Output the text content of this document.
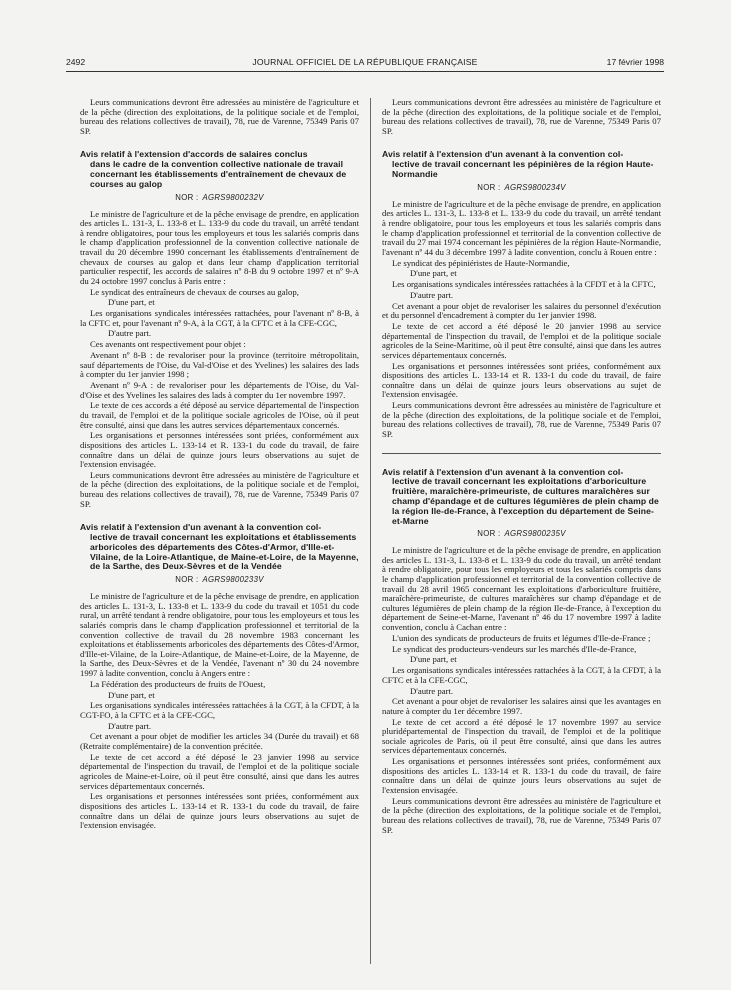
2492	JOURNAL OFFICIEL DE LA RÉPUBLIQUE FRANÇAISE	17 février 1998

Leurs communications devront être adressées au ministère de l'agriculture et de la pêche (direction des exploitations, de la politique sociale et de l'emploi, bureau des relations collectives de travail), 78, rue de Varenne, 75349 Paris 07 SP.

Avis relatif à l'extension d'accords de salaires conclus
dans le cadre de la convention collective nationale de travail concernant les établissements d'entraînement de chevaux de courses au galop
NOR : AGRS9800232V

Le ministre de l'agriculture et de la pêche envisage de prendre, en application des articles L. 131-3, L. 133-8 et L. 133-9 du code du travail, un arrêté tendant à rendre obligatoires, pour tous les employeurs et tous les salariés compris dans le champ d'application professionnel de la convention collective nationale de travail du 20 décembre 1990 concernant les établissements d'entraînement de chevaux de courses au galop et dans leur champ d'application territorial particulier respectif, les accords de salaires nº 8-B du 9 octobre 1997 et nº 9-A du 24 octobre 1997 conclus à Paris entre :

Le syndicat des entraîneurs de chevaux de courses au galop,

D'une part, et

Les organisations syndicales intéressées rattachées, pour l'avenant nº 8-B, à la CFTC et, pour l'avenant nº 9-A, à la CGT, à la CFTC et à la CFE-CGC,

D'autre part.

Ces avenants ont respectivement pour objet :

Avenant nº 8-B : de revaloriser pour la province (territoire métropolitain, sauf départements de l'Oise, du Val-d'Oise et des Yvelines) les salaires des lads à compter du 1er janvier 1998 ;

Avenant nº 9-A : de revaloriser pour les départements de l'Oise, du Val-d'Oise et des Yvelines les salaires des lads à compter du 1er novembre 1997.

Le texte de ces accords a été déposé au service départemental de l'inspection du travail, de l'emploi et de la politique sociale agricoles de l'Oise, où il peut être consulté, ainsi que dans les autres services départementaux concernés.

Les organisations et personnes intéressées sont priées, conformément aux dispositions des articles L. 133-14 et R. 133-1 du code du travail, de faire connaître dans un délai de quinze jours leurs observations au sujet de l'extension envisagée.

Leurs communications devront être adressées au ministère de l'agriculture et de la pêche (direction des exploitations, de la politique sociale et de l'emploi, bureau des relations collectives de travail), 78, rue de Varenne, 75349 Paris 07 SP.

Avis relatif à l'extension d'un avenant à la convention col-
lective de travail concernant les exploitations et établissements arboricoles des départements des Côtes-d'Armor, d'Ille-et-Vilaine, de la Loire-Atlantique, de Maine-et-Loire, de la Mayenne, de la Sarthe, des Deux-Sèvres et de la Vendée
NOR : AGRS9800233V

Le ministre de l'agriculture et de la pêche envisage de prendre, en application des articles L. 131-3, L. 133-8 et L. 133-9 du code du travail et 1051 du code rural, un arrêté tendant à rendre obligatoire, pour tous les employeurs et tous les salariés compris dans le champ d'application professionnel et territorial de la convention collective de travail du 28 novembre 1983 concernant les exploitations et établissements arboricoles des départements des Côtes-d'Armor, d'Ille-et-Vilaine, de la Loire-Atlantique, de Maine-et-Loire, de la Mayenne, de la Sarthe, des Deux-Sèvres et de la Vendée, l'avenant nº 30 du 24 novembre 1997 à ladite convention, conclu à Angers entre :

La Fédération des producteurs de fruits de l'Ouest,

D'une part, et

Les organisations syndicales intéressées rattachées à la CGT, à la CFDT, à la CGT-FO, à la CFTC et à la CFE-CGC,

D'autre part.

Cet avenant a pour objet de modifier les articles 34 (Durée du travail) et 68 (Retraite complémentaire) de la convention précitée.

Le texte de cet accord a été déposé le 23 janvier 1998 au service départemental de l'inspection du travail, de l'emploi et de la politique sociale agricoles de Maine-et-Loire, où il peut être consulté, ainsi que dans les autres services départementaux concernés.

Les organisations et personnes intéressées sont priées, conformément aux dispositions des articles L. 133-14 et R. 133-1 du code du travail, de faire connaître dans un délai de quinze jours leurs observations au sujet de l'extension envisagée.

Leurs communications devront être adressées au ministère de l'agriculture et de la pêche (direction des exploitations, de la politique sociale et de l'emploi, bureau des relations collectives de travail), 78, rue de Varenne, 75349 Paris 07 SP.

Avis relatif à l'extension d'un avenant à la convention col-
lective de travail concernant les pépinières de la région Haute-Normandie
NOR : AGRS9800234V

Le ministre de l'agriculture et de la pêche envisage de prendre, en application des articles L. 131-3, L. 133-8 et L. 133-9 du code du travail, un arrêté tendant à rendre obligatoire, pour tous les employeurs et tous les salariés compris dans le champ d'application professionnel et territorial de la convention collective de travail du 27 mai 1974 concernant les pépinières de la région Haute-Normandie, l'avenant nº 44 du 3 décembre 1997 à ladite convention, conclu à Rouen entre :

Le syndicat des pépiniéristes de Haute-Normandie,

D'une part, et

Les organisations syndicales intéressées rattachées à la CFDT et à la CFTC,

D'autre part.

Cet avenant a pour objet de revaloriser les salaires du personnel d'exécution et du personnel d'encadrement à compter du 1er janvier 1998.

Le texte de cet accord a été déposé le 20 janvier 1998 au service départemental de l'inspection du travail, de l'emploi et de la politique sociale agricoles de la Seine-Maritime, où il peut être consulté, ainsi que dans les autres services départementaux concernés.

Les organisations et personnes intéressées sont priées, conformément aux dispositions des articles L. 133-14 et R. 133-1 du code du travail, de faire connaître dans un délai de quinze jours leurs observations au sujet de l'extension envisagée.

Leurs communications devront être adressées au ministère de l'agriculture et de la pêche (direction des exploitations, de la politique sociale et de l'emploi, bureau des relations collectives de travail), 78, rue de Varenne, 75349 Paris 07 SP.

Avis relatif à l'extension d'un avenant à la convention col-
lective de travail concernant les exploitations d'arboriculture fruitière, maraîchère-primeuriste, de cultures maraîchères sur champ d'épandage et de cultures légumières de plein champ de la région Ile-de-France, à l'exception du département de Seine-et-Marne
NOR : AGRS9800235V

Le ministre de l'agriculture et de la pêche envisage de prendre, en application des articles L. 131-3, L. 133-8 et L. 133-9 du code du travail, un arrêté tendant à rendre obligatoire, pour tous les employeurs et tous les salariés compris dans le champ d'application professionnel et territorial de la convention collective de travail du 28 avril 1965 concernant les exploitations d'arboriculture fruitière, maraîchère-primeuriste, de cultures maraîchères sur champ d'épandage et de cultures légumières de plein champ de la région Ile-de-France, à l'exception du département de Seine-et-Marne, l'avenant nº 46 du 17 novembre 1997 à ladite convention, conclu à Cachan entre :

L'union des syndicats de producteurs de fruits et légumes d'Ile-de-France ;

Le syndicat des producteurs-vendeurs sur les marchés d'Ile-de-France,

D'une part, et

Les organisations syndicales intéressées rattachées à la CGT, à la CFDT, à la CFTC et à la CFE-CGC,

D'autre part.

Cet avenant a pour objet de revaloriser les salaires ainsi que les avantages en nature à compter du 1er décembre 1997.

Le texte de cet accord a été déposé le 17 novembre 1997 au service pluridépartemental de l'inspection du travail, de l'emploi et de la politique sociale agricoles de Paris, où il peut être consulté, ainsi que dans les autres services départementaux concernés.

Les organisations et personnes intéressées sont priées, conformément aux dispositions des articles L. 133-14 et R. 133-1 du code du travail, de faire connaître dans un délai de quinze jours leurs observations au sujet de l'extension envisagée.

Leurs communications devront être adressées au ministère de l'agriculture et de la pêche (direction des exploitations, de la politique sociale et de l'emploi, bureau des relations collectives de travail), 78, rue de Varenne, 75349 Paris 07 SP.
